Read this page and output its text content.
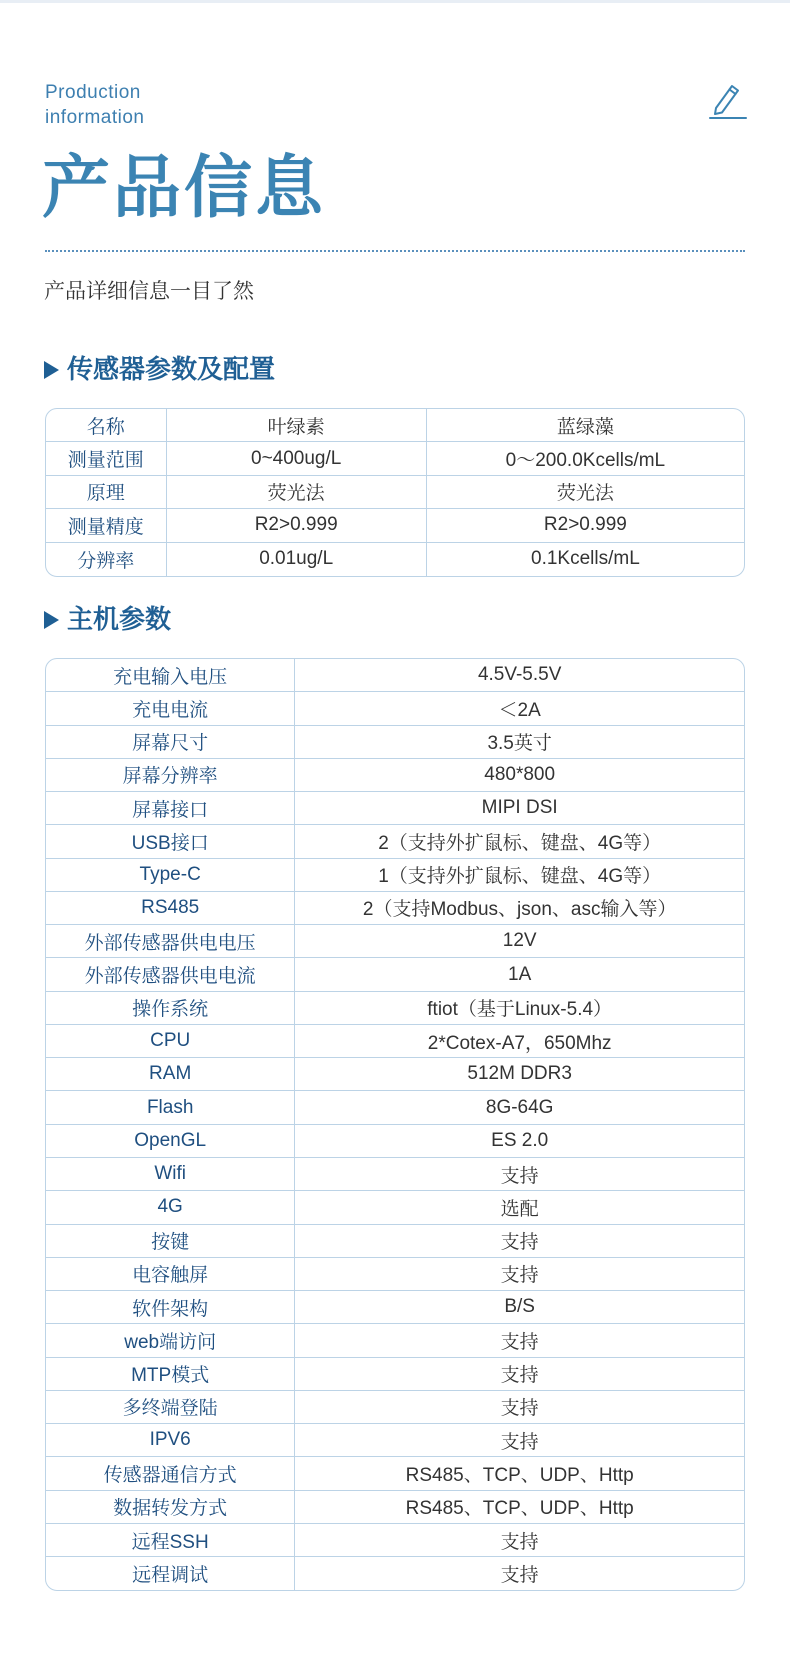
Production
information
产品信息
产品详细信息一目了然
传感器参数及配置
名称	叶绿素	蓝绿藻
测量范围	0~400ug/L	0～200.0Kcells/mL
原理	荧光法	荧光法
测量精度	R2>0.999	R2>0.999
分辨率	0.01ug/L	0.1Kcells/mL
主机参数
充电输入电压	4.5V-5.5V
充电电流	＜2A
屏幕尺寸	3.5英寸
屏幕分辨率	480*800
屏幕接口	MIPI DSI
USB接口	2（支持外扩鼠标、键盘、4G等）
Type-C	1（支持外扩鼠标、键盘、4G等）
RS485	2（支持Modbus、json、asc输入等）
外部传感器供电电压	12V
外部传感器供电电流	1A
操作系统	ftiot（基于Linux-5.4）
CPU	2*Cotex-A7，650Mhz
RAM	512M DDR3
Flash	8G-64G
OpenGL	ES 2.0
Wifi	支持
4G	选配
按键	支持
电容触屏	支持
软件架构	B/S
web端访问	支持
MTP模式	支持
多终端登陆	支持
IPV6	支持
传感器通信方式	RS485、TCP、UDP、Http
数据转发方式	RS485、TCP、UDP、Http
远程SSH	支持
远程调试	支持
